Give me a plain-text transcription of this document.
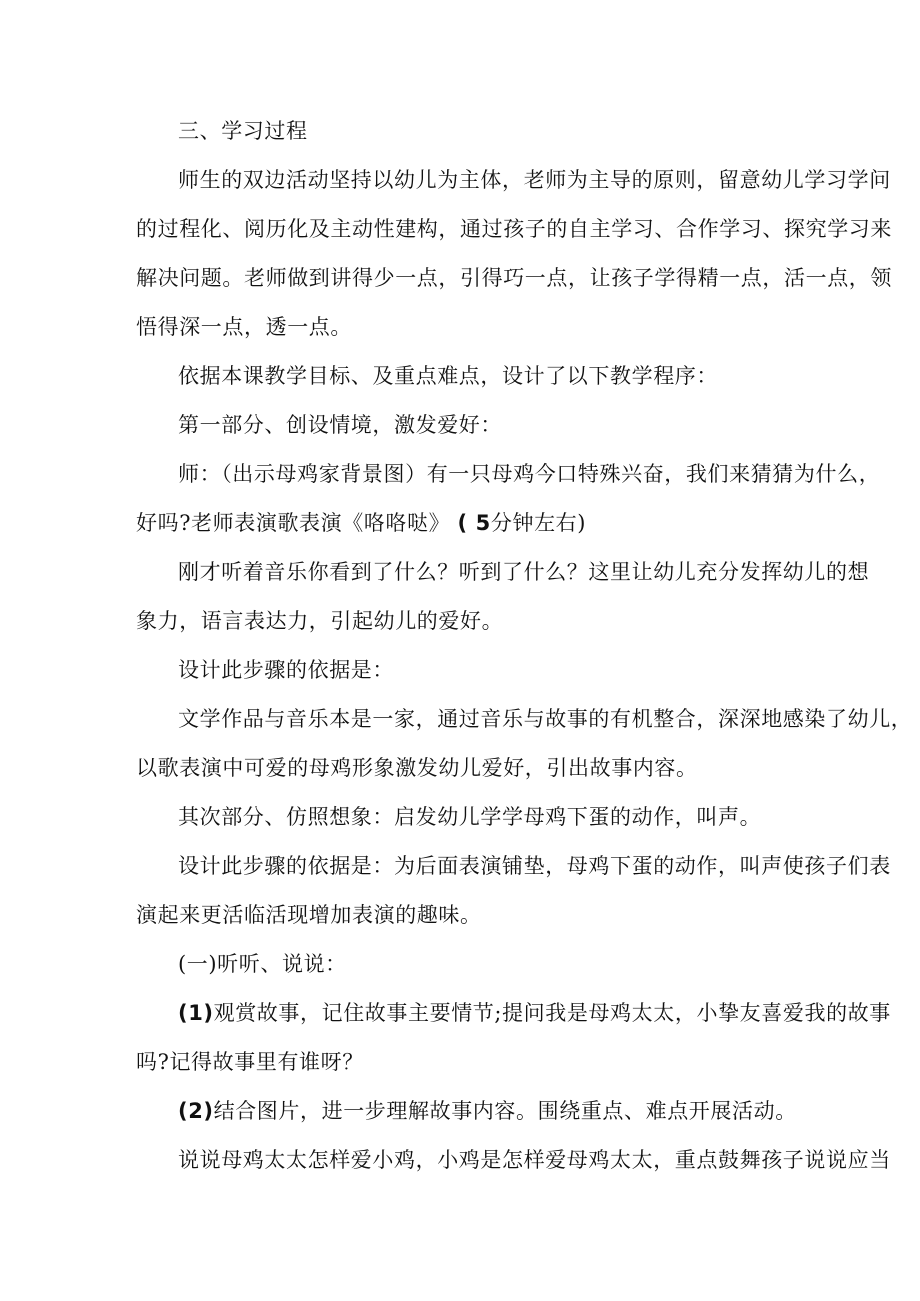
三、学习过程
师生的双边活动坚持以幼儿为主体，老师为主导的原则，留意幼儿学习学问
的过程化、阅历化及主动性建构，通过孩子的自主学习、合作学习、探究学习来
解决问题。老师做到讲得少一点，引得巧一点，让孩子学得精一点，活一点，领
悟得深一点，透一点。
依据本课教学目标、及重点难点，设计了以下教学程序：
第一部分、创设情境，激发爱好：
师：（出示母鸡家背景图）有一只母鸡今口特殊兴奋，我们来猜猜为什么，
好吗?老师表演歌表演《咯咯哒》 ( 5分钟左右)
刚才听着音乐你看到了什么？听到了什么？这里让幼儿充分发挥幼儿的想
象力，语言表达力，引起幼儿的爱好。
设计此步骤的依据是：
文学作品与音乐本是一家，通过音乐与故事的有机整合，深深地感染了幼儿，
以歌表演中可爱的母鸡形象激发幼儿爱好，引出故事内容。
其次部分、仿照想象：启发幼儿学学母鸡下蛋的动作，叫声。
设计此步骤的依据是：为后面表演铺垫，母鸡下蛋的动作，叫声使孩子们表
演起来更活临活现增加表演的趣味。
(一)听听、说说：
(1)观赏故事，记住故事主要情节;提问我是母鸡太太，小挚友喜爱我的故事
吗?记得故事里有谁呀？
(2)结合图片，进一步理解故事内容。围绕重点、难点开展活动。
说说母鸡太太怎样爱小鸡，小鸡是怎样爱母鸡太太，重点鼓舞孩子说说应当
